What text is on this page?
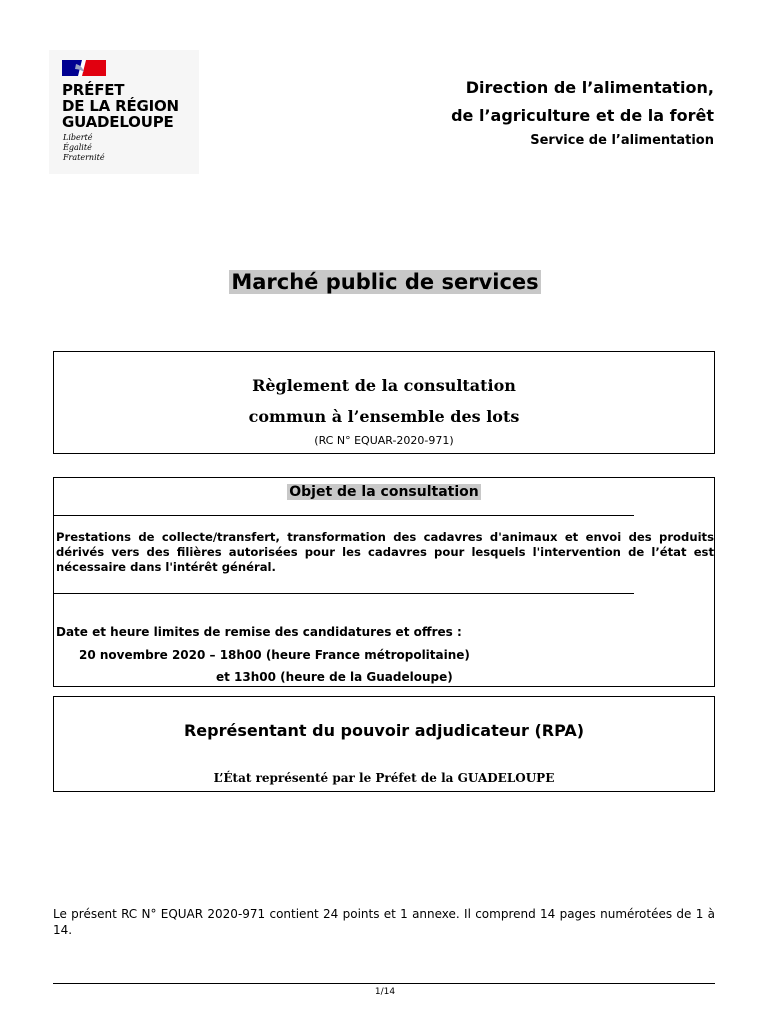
PRÉFET
DE LA RÉGION
GUADELOUPE
Liberté
Égalité
Fraternité
Direction de l’alimentation,
de l’agriculture et de la forêt
Service de l’alimentation
Marché public de services
Règlement de la consultation
commun à l’ensemble des lots
(RC N° EQUAR-2020-971)
Objet de la consultation
Prestations de collecte/transfert, transformation des cadavres d'animaux et envoi des produits dérivés vers des filières autorisées pour les cadavres pour lesquels l'intervention de l’état est nécessaire dans l'intérêt général.
Date et heure limites de remise des candidatures et offres :
20 novembre 2020 – 18h00 (heure France métropolitaine)
et 13h00 (heure de la Guadeloupe)
Représentant du pouvoir adjudicateur (RPA)
L’État représenté par le Préfet de la GUADELOUPE
Le présent RC N° EQUAR 2020-971 contient 24 points et 1 annexe. Il comprend 14 pages numérotées de 1 à 14.
1/14
